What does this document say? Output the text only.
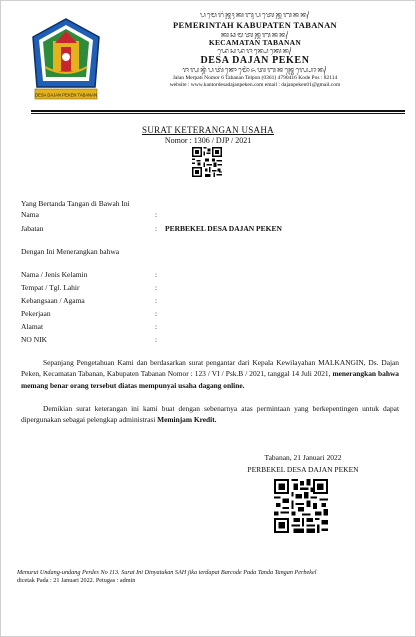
DESA DAJAN PEKEN TABANAN
ᬧᬫᬾᬭᬶᬦ᭄ᬢᬄᬓᬩᬸᬧᬢᬾᬦ᭄ᬢᬩᬦᬦ᭄
PEMERINTAH KABUPATEN TABANAN
ᬓᬘᬫᬢᬦ᭄ᬢᬩᬦᬦ᭄
KECAMATAN TABANAN
ᬤᬾᬲᬤᬚᬦ᭄ᬧᬾᬓᬾᬦ᭄
DESA DAJAN PEKEN
ᬚᬮᬦ᭄ᬫᬃᬧᬢᬶᬦᭀᬫᭀᬃ᭖ᬢᬩᬦᬦ᭄ᬢᬾᬮ᭄ᬧᭀᬦ᭄
Jalan Merpati Nomor 6 Tabanan Telpon (0361) 4790416 Kode Pos : 82114
website : www.kantordesadajanpeken.com email : dajanpeken01@gmail.com
SURAT KETERANGAN USAHA
Nomor : 1306 / DJP / 2021
Yang Bertanda Tangan di Bawah Ini
Nama	:
Jabatan	: PERBEKEL DESA DAJAN PEKEN
Dengan Ini Menerangkan bahwa
Nama / Jenis Kelamin	:
Tempat / Tgl. Lahir	:
Kebangsaan / Agama	:
Pekerjaan	:
Alamat	:
NO NIK	:
Sepanjang Pengetahuan Kami dan berdasarkan surat pengantar dari Kepala Kewilayahan MALKANGIN, Ds. Dajan Peken, Kecamatan Tabanan, Kabupaten Tabanan Nomor : 123 / VI / Psk.B / 2021, tanggal 14 Juli 2021, menerangkan bahwa memang benar orang tersebut diatas mempunyai usaha dagang online.
Demikian surat keterangan ini kami buat dengan sebenarnya atas permintaan yang berkepentingen untuk dapat dipergunakan sebagai pelengkap administrasi Meminjam Kredit.
Tabanan, 21 Januari 2022
PERBEKEL DESA DAJAN PEKEN
Menurut Undang-undang Perdes No 113. Surat Ini Dinyatakan SAH jika terdapat Barcode Pada Tanda Tangan Perbekel
dicetak Pada : 21 Januari 2022. Petugas : admin
